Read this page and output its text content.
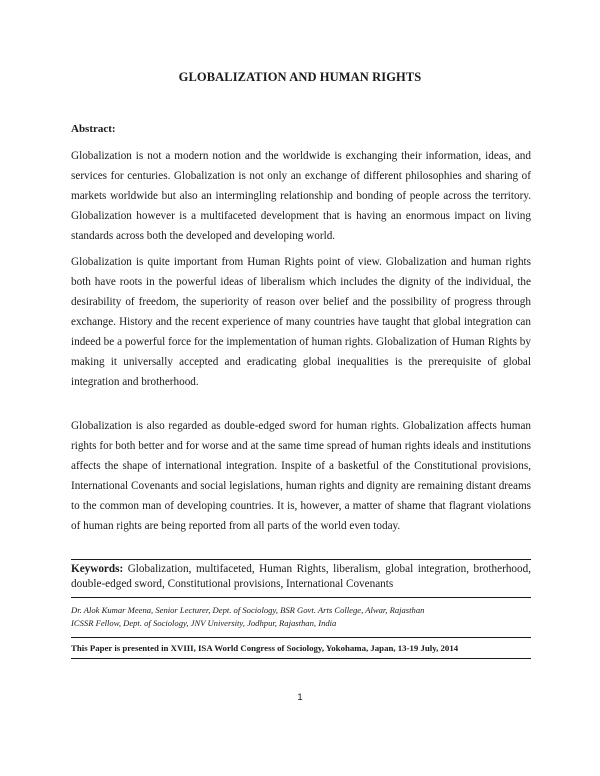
GLOBALIZATION AND HUMAN RIGHTS
Abstract:

Globalization is not a modern notion and the worldwide is exchanging their information, ideas, and services for centuries. Globalization is not only an exchange of different philosophies and sharing of markets worldwide but also an intermingling relationship and bonding of people across the territory. Globalization however is a multifaceted development that is having an enormous impact on living standards across both the developed and developing world.

Globalization is quite important from Human Rights point of view. Globalization and human rights both have roots in the powerful ideas of liberalism which includes the dignity of the individual, the desirability of freedom, the superiority of reason over belief and the possibility of progress through exchange. History and the recent experience of many countries have taught that global integration can indeed be a powerful force for the implementation of human rights. Globalization of Human Rights by making it universally accepted and eradicating global inequalities is the prerequisite of global integration and brotherhood.

Globalization is also regarded as double-edged sword for human rights. Globalization affects human rights for both better and for worse and at the same time spread of human rights ideals and institutions affects the shape of international integration. Inspite of a basketful of the Constitutional provisions, International Covenants and social legislations, human rights and dignity are remaining distant dreams to the common man of developing countries. It is, however, a matter of shame that flagrant violations of human rights are being reported from all parts of the world even today.

Keywords: Globalization, multifaceted, Human Rights, liberalism, global integration, brotherhood, double-edged sword, Constitutional provisions, International Covenants

Dr. Alok Kumar Meena, Senior Lecturer, Dept. of Sociology, BSR Govt. Arts College, Alwar, Rajasthan

ICSSR Fellow, Dept. of Sociology, JNV University, Jodhpur, Rajasthan, India

This Paper is presented in XVIII, ISA World Congress of Sociology, Yokohama, Japan, 13-19 July, 2014

1
